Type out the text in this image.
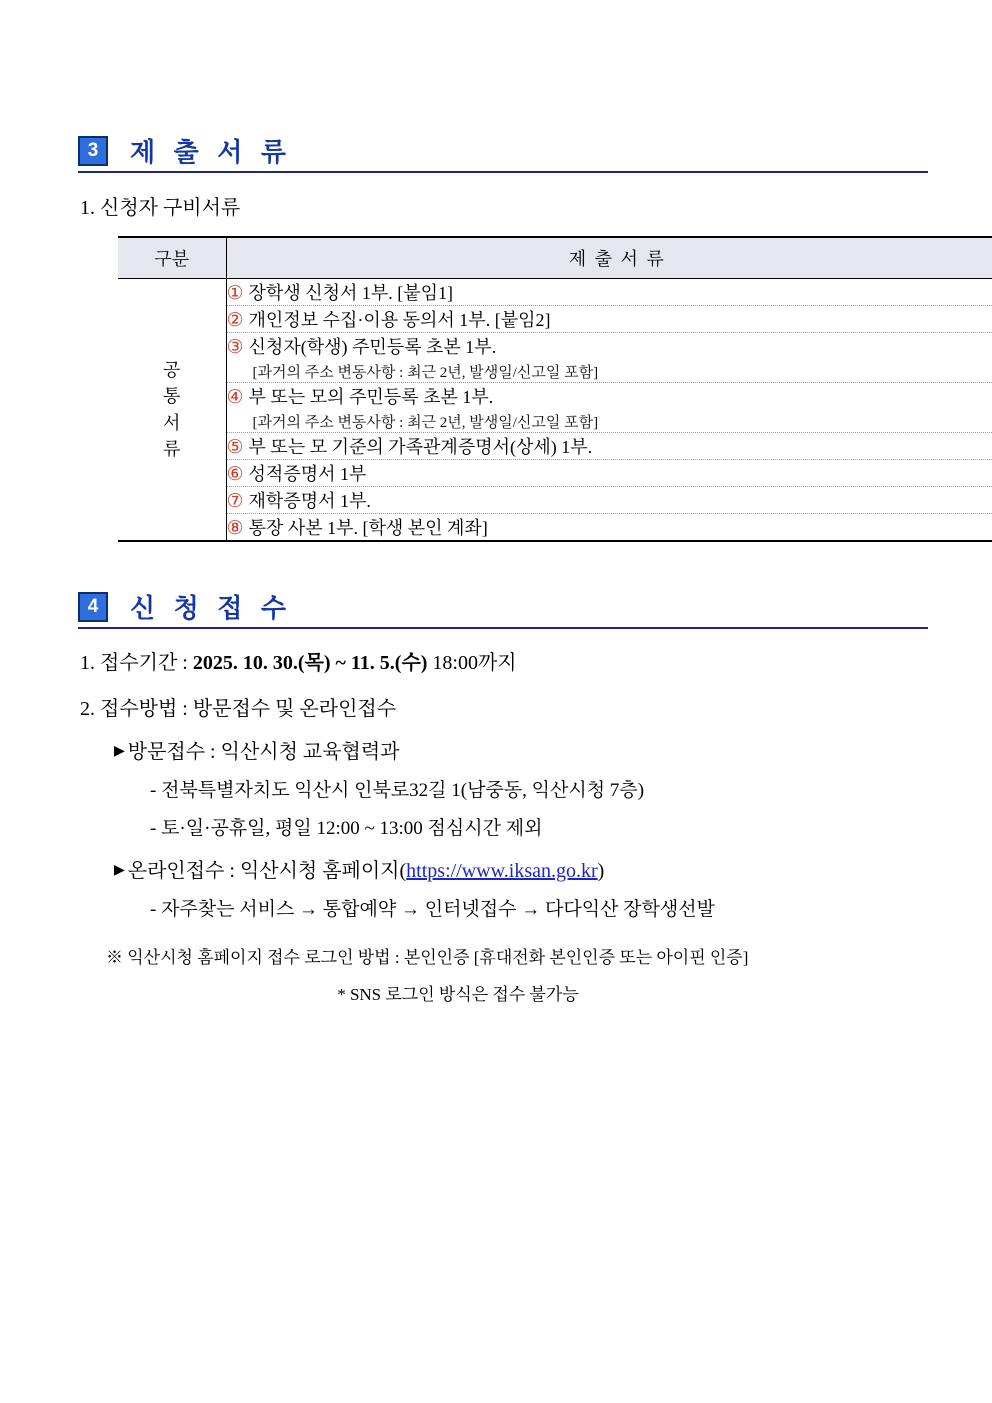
3	제 출 서 류
1. 신청자 구비서류
구분	제 출 서 류

공
통
서
류	① 장학생 신청서 1부. [붙임1]
	② 개인정보 수집·이용 동의서 1부. [붙임2]
	③ 신청자(학생) 주민등록 초본 1부.
[과거의 주소 변동사항 : 최근 2년, 발생일/신고일 포함]

	④ 부 또는 모의 주민등록 초본 1부.
[과거의 주소 변동사항 : 최근 2년, 발생일/신고일 포함]

	⑤ 부 또는 모 기준의 가족관계증명서(상세) 1부.
	⑥ 성적증명서 1부
	⑦ 재학증명서 1부.
	⑧ 통장 사본 1부. [학생 본인 계좌]
4	신 청 접 수
1. 접수기간 : 2025. 10. 30.(목) ~ 11. 5.(수) 18:00까지
2. 접수방법 : 방문접수 및 온라인접수
▶ 방문접수 : 익산시청 교육협력과
- 전북특별자치도 익산시 인북로32길 1(남중동, 익산시청 7층)
- 토·일·공휴일, 평일 12:00 ~ 13:00 점심시간 제외
▶ 온라인접수 : 익산시청 홈페이지(https://www.iksan.go.kr)
- 자주찾는 서비스 → 통합예약 → 인터넷접수 → 다다익산 장학생선발
※ 익산시청 홈페이지 접수 로그인 방법 : 본인인증 [휴대전화 본인인증 또는 아이핀 인증]
* SNS 로그인 방식은 접수 불가능
